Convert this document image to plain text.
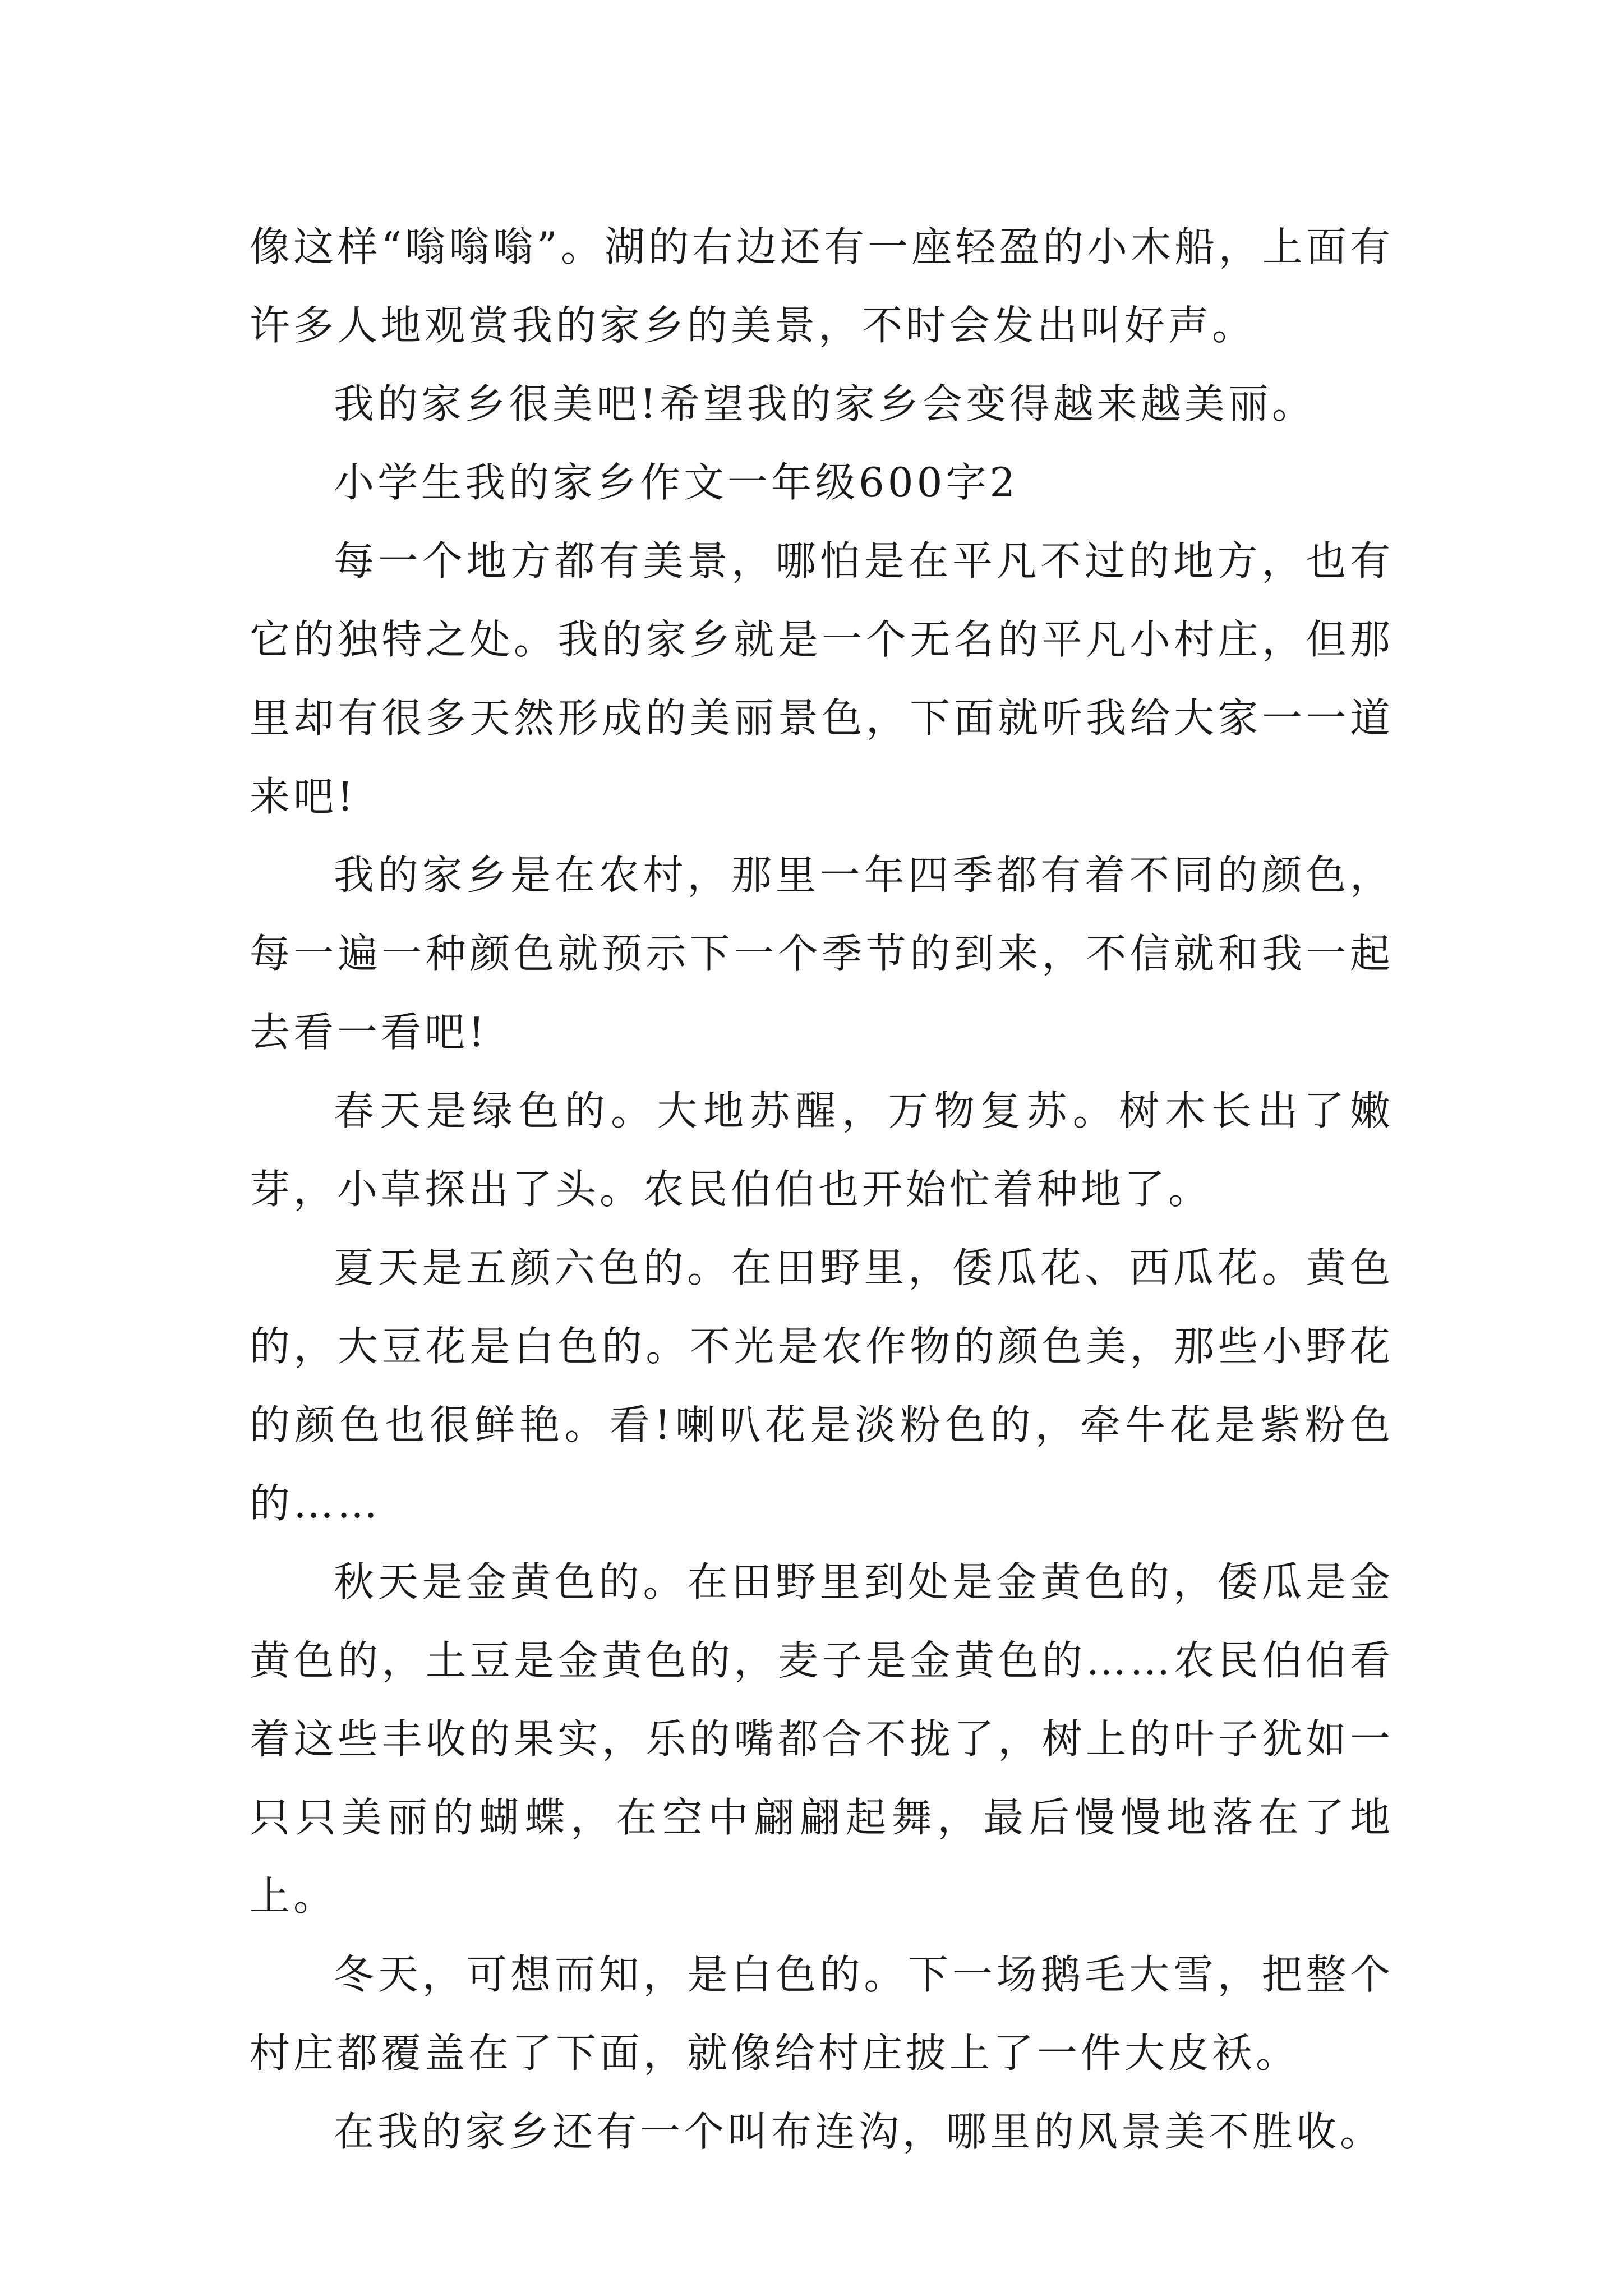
像这样“嗡嗡嗡”。湖的右边还有一座轻盈的小木船，上面有许多人地观赏我的家乡的美景，不时会发出叫好声。

我的家乡很美吧!希望我的家乡会变得越来越美丽。

小学生我的家乡作文一年级600字2

每一个地方都有美景，哪怕是在平凡不过的地方，也有它的独特之处。我的家乡就是一个无名的平凡小村庄，但那里却有很多天然形成的美丽景色，下面就听我给大家一一道来吧!

我的家乡是在农村，那里一年四季都有着不同的颜色，每一遍一种颜色就预示下一个季节的到来，不信就和我一起去看一看吧!

春天是绿色的。大地苏醒，万物复苏。树木长出了嫩芽，小草探出了头。农民伯伯也开始忙着种地了。

夏天是五颜六色的。在田野里，倭瓜花、西瓜花。黄色的，大豆花是白色的。不光是农作物的颜色美，那些小野花的颜色也很鲜艳。看!喇叭花是淡粉色的，牵牛花是紫粉色的……

秋天是金黄色的。在田野里到处是金黄色的，倭瓜是金黄色的，土豆是金黄色的，麦子是金黄色的……农民伯伯看着这些丰收的果实，乐的嘴都合不拢了，树上的叶子犹如一只只美丽的蝴蝶，在空中翩翩起舞，最后慢慢地落在了地上。

冬天，可想而知，是白色的。下一场鹅毛大雪，把整个村庄都覆盖在了下面，就像给村庄披上了一件大皮袄。

在我的家乡还有一个叫布连沟，哪里的风景美不胜收。
